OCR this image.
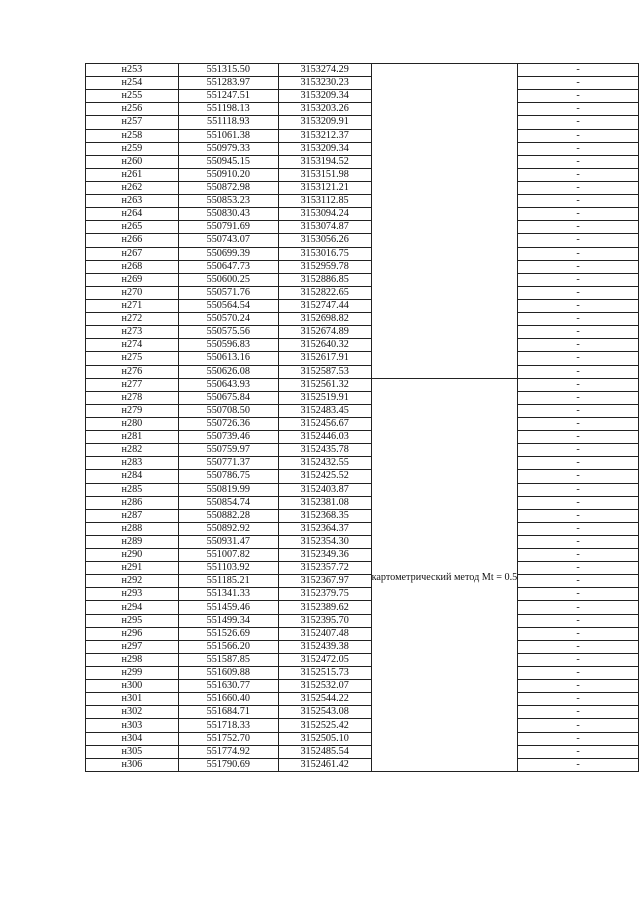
н253	551315.50	3153274.29		-
н254	551283.97	3153230.23		-
н255	551247.51	3153209.34		-
н256	551198.13	3153203.26		-
н257	551118.93	3153209.91		-
н258	551061.38	3153212.37		-
н259	550979.33	3153209.34		-
н260	550945.15	3153194.52		-
н261	550910.20	3153151.98		-
н262	550872.98	3153121.21		-
н263	550853.23	3153112.85		-
н264	550830.43	3153094.24		-
н265	550791.69	3153074.87		-
н266	550743.07	3153056.26		-
н267	550699.39	3153016.75		-
н268	550647.73	3152959.78		-
н269	550600.25	3152886.85		-
н270	550571.76	3152822.65		-
н271	550564.54	3152747.44		-
н272	550570.24	3152698.82		-
н273	550575.56	3152674.89		-
н274	550596.83	3152640.32		-
н275	550613.16	3152617.91		-
н276	550626.08	3152587.53		-
н277	550643.93	3152561.32	картометрический метод Mt = 0.5	-
н278	550675.84	3152519.91		-
н279	550708.50	3152483.45		-
н280	550726.36	3152456.67		-
н281	550739.46	3152446.03		-
н282	550759.97	3152435.78		-
н283	550771.37	3152432.55		-
н284	550786.75	3152425.52		-
н285	550819.99	3152403.87		-
н286	550854.74	3152381.08		-
н287	550882.28	3152368.35		-
н288	550892.92	3152364.37		-
н289	550931.47	3152354.30		-
н290	551007.82	3152349.36		-
н291	551103.92	3152357.72		-
н292	551185.21	3152367.97		-
н293	551341.33	3152379.75		-
н294	551459.46	3152389.62		-
н295	551499.34	3152395.70		-
н296	551526.69	3152407.48		-
н297	551566.20	3152439.38		-
н298	551587.85	3152472.05		-
н299	551609.88	3152515.73		-
н300	551630.77	3152532.07		-
н301	551660.40	3152544.22		-
н302	551684.71	3152543.08		-
н303	551718.33	3152525.42		-
н304	551752.70	3152505.10		-
н305	551774.92	3152485.54		-
н306	551790.69	3152461.42		-
